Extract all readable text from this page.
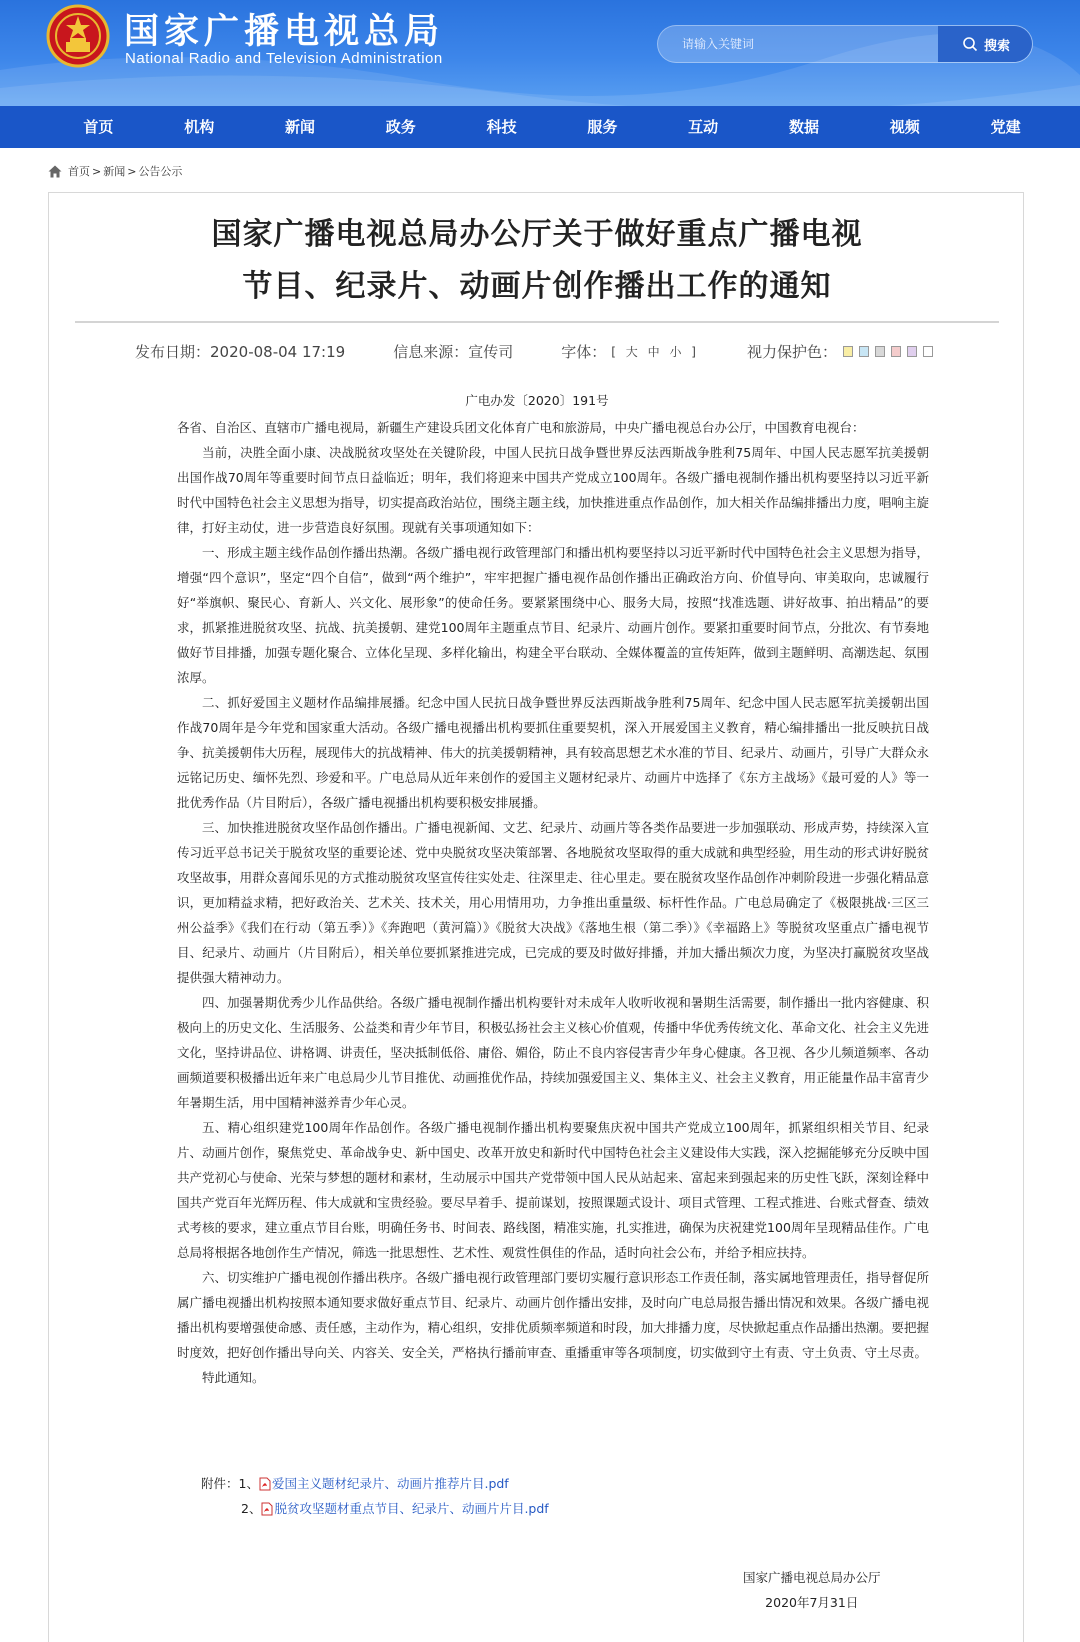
国家广播电视总局
National Radio and Television Administration
请输入关键词
搜索
首页	机构	新闻	政务	科技	服务	互动	数据	视频	党建
首页 > 新闻 > 公告公示
国家广播电视总局办公厅关于做好重点广播电视
节目、纪录片、动画片创作播出工作的通知
发布日期： 2020-08-04 17:19	信息来源： 宣传司	字体： [ 大 中 小 ]	视力保护色：
广电办发〔2020〕191号

各省、自治区、直辖市广播电视局，新疆生产建设兵团文化体育广电和旅游局，中央广播电视总台办公厅，中国教育电视台：

当前，决胜全面小康、决战脱贫攻坚处在关键阶段，中国人民抗日战争暨世界反法西斯战争胜利75周年、中国人民志愿军抗美援朝出国作战70周年等重要时间节点日益临近；明年，我们将迎来中国共产党成立100周年。各级广播电视制作播出机构要坚持以习近平新时代中国特色社会主义思想为指导，切实提高政治站位，围绕主题主线，加快推进重点作品创作，加大相关作品编排播出力度，唱响主旋律，打好主动仗，进一步营造良好氛围。现就有关事项通知如下：

一、形成主题主线作品创作播出热潮。各级广播电视行政管理部门和播出机构要坚持以习近平新时代中国特色社会主义思想为指导，增强“四个意识”，坚定“四个自信”，做到“两个维护”，牢牢把握广播电视作品创作播出正确政治方向、价值导向、审美取向，忠诚履行好“举旗帜、聚民心、育新人、兴文化、展形象”的使命任务。要紧紧围绕中心、服务大局，按照“找准选题、讲好故事、拍出精品”的要求，抓紧推进脱贫攻坚、抗战、抗美援朝、建党100周年主题重点节目、纪录片、动画片创作。要紧扣重要时间节点，分批次、有节奏地做好节目排播，加强专题化聚合、立体化呈现、多样化输出，构建全平台联动、全媒体覆盖的宣传矩阵，做到主题鲜明、高潮迭起、氛围浓厚。

二、抓好爱国主义题材作品编排展播。纪念中国人民抗日战争暨世界反法西斯战争胜利75周年、纪念中国人民志愿军抗美援朝出国作战70周年是今年党和国家重大活动。各级广播电视播出机构要抓住重要契机，深入开展爱国主义教育，精心编排播出一批反映抗日战争、抗美援朝伟大历程，展现伟大的抗战精神、伟大的抗美援朝精神，具有较高思想艺术水准的节目、纪录片、动画片，引导广大群众永远铭记历史、缅怀先烈、珍爱和平。广电总局从近年来创作的爱国主义题材纪录片、动画片中选择了《东方主战场》《最可爱的人》等一批优秀作品（片目附后），各级广播电视播出机构要积极安排展播。

三、加快推进脱贫攻坚作品创作播出。广播电视新闻、文艺、纪录片、动画片等各类作品要进一步加强联动、形成声势，持续深入宣传习近平总书记关于脱贫攻坚的重要论述、党中央脱贫攻坚决策部署、各地脱贫攻坚取得的重大成就和典型经验，用生动的形式讲好脱贫攻坚故事，用群众喜闻乐见的方式推动脱贫攻坚宣传往实处走、往深里走、往心里走。要在脱贫攻坚作品创作冲刺阶段进一步强化精品意识，更加精益求精，把好政治关、艺术关、技术关，用心用情用功，力争推出重量级、标杆性作品。广电总局确定了《极限挑战·三区三州公益季》《我们在行动（第五季）》《奔跑吧（黄河篇）》《脱贫大决战》《落地生根（第二季）》《幸福路上》等脱贫攻坚重点广播电视节目、纪录片、动画片（片目附后），相关单位要抓紧推进完成，已完成的要及时做好排播，并加大播出频次力度，为坚决打赢脱贫攻坚战提供强大精神动力。

四、加强暑期优秀少儿作品供给。各级广播电视制作播出机构要针对未成年人收听收视和暑期生活需要，制作播出一批内容健康、积极向上的历史文化、生活服务、公益类和青少年节目，积极弘扬社会主义核心价值观，传播中华优秀传统文化、革命文化、社会主义先进文化，坚持讲品位、讲格调、讲责任，坚决抵制低俗、庸俗、媚俗，防止不良内容侵害青少年身心健康。各卫视、各少儿频道频率、各动画频道要积极播出近年来广电总局少儿节目推优、动画推优作品，持续加强爱国主义、集体主义、社会主义教育，用正能量作品丰富青少年暑期生活，用中国精神滋养青少年心灵。

五、精心组织建党100周年作品创作。各级广播电视制作播出机构要聚焦庆祝中国共产党成立100周年，抓紧组织相关节目、纪录片、动画片创作，聚焦党史、革命战争史、新中国史、改革开放史和新时代中国特色社会主义建设伟大实践，深入挖掘能够充分反映中国共产党初心与使命、光荣与梦想的题材和素材，生动展示中国共产党带领中国人民从站起来、富起来到强起来的历史性飞跃，深刻诠释中国共产党百年光辉历程、伟大成就和宝贵经验。要尽早着手、提前谋划，按照课题式设计、项目式管理、工程式推进、台账式督查、绩效式考核的要求，建立重点节目台账，明确任务书、时间表、路线图，精准实施，扎实推进，确保为庆祝建党100周年呈现精品佳作。广电总局将根据各地创作生产情况，筛选一批思想性、艺术性、观赏性俱佳的作品，适时向社会公布，并给予相应扶持。

六、切实维护广播电视创作播出秩序。各级广播电视行政管理部门要切实履行意识形态工作责任制，落实属地管理责任，指导督促所属广播电视播出机构按照本通知要求做好重点节目、纪录片、动画片创作播出安排，及时向广电总局报告播出情况和效果。各级广播电视播出机构要增强使命感、责任感，主动作为，精心组织，安排优质频率频道和时段，加大排播力度，尽快掀起重点作品播出热潮。要把握时度效，把好创作播出导向关、内容关、安全关，严格执行播前审查、重播重审等各项制度，切实做到守土有责、守土负责、守土尽责。

特此通知。

附件： 1、 爱国主义题材纪录片、动画片推荐片目.pdf
2、 脱贫攻坚题材重点节目、纪录片、动画片片目.pdf
国家广播电视总局办公厅
2020年7月31日
